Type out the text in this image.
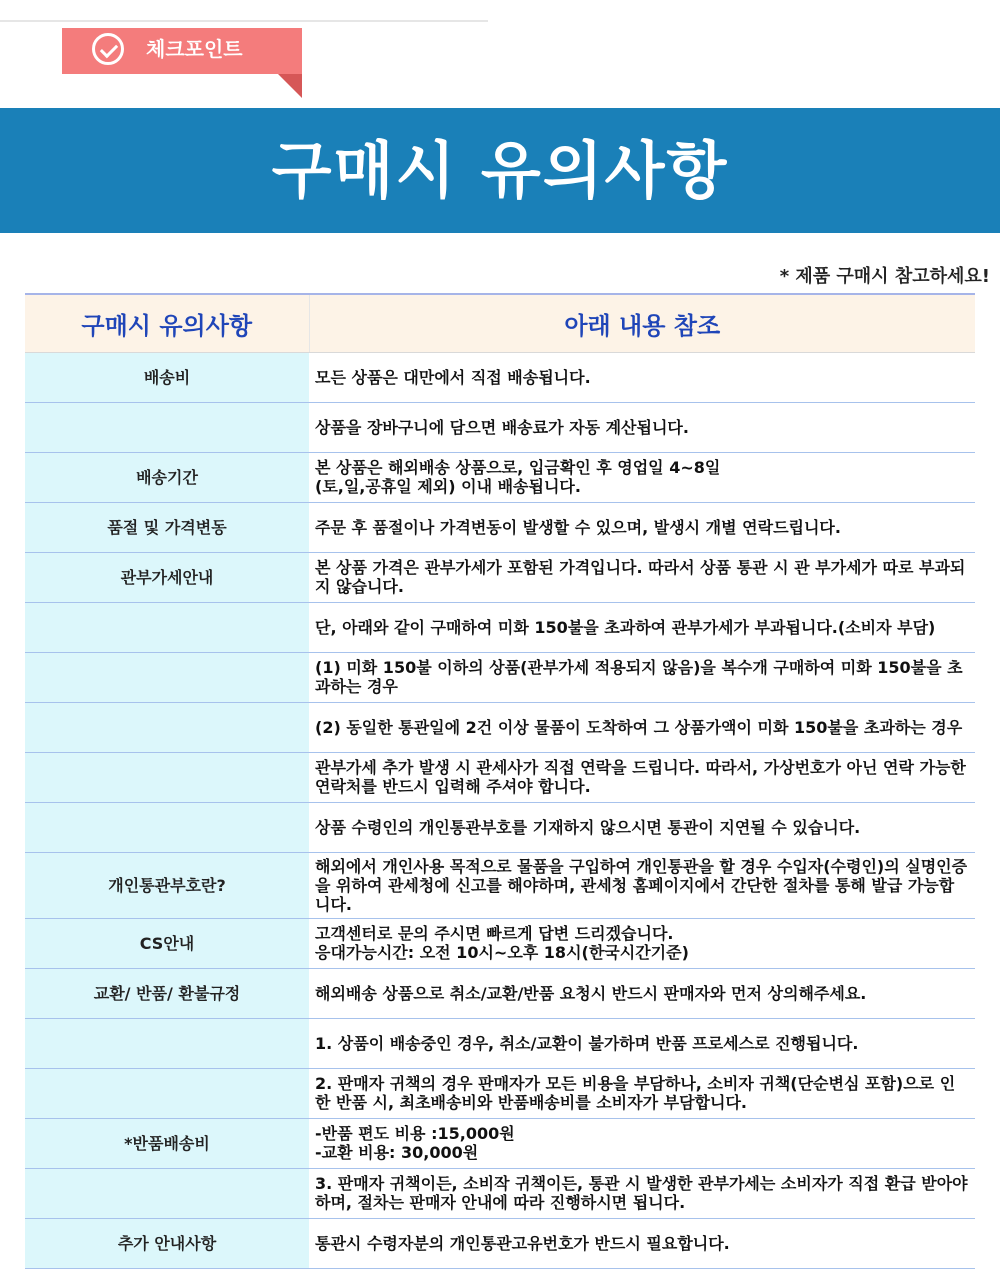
체크포인트
구매시 유의사항
* 제품 구매시 참고하세요!
구매시 유의사항	아래 내용 참조
배송비	모든 상품은 대만에서 직접 배송됩니다.
	상품을 장바구니에 담으면 배송료가 자동 계산됩니다.
배송기간	본 상품은 해외배송 상품으로, 입금확인 후 영업일 4~8일
(토,일,공휴일 제외) 이내 배송됩니다.
품절 및 가격변동	주문 후 품절이나 가격변동이 발생할 수 있으며, 발생시 개별 연락드립니다.
관부가세안내	본 상품 가격은 관부가세가 포함된 가격입니다. 따라서 상품 통관 시 관 부가세가 따로 부과되지 않습니다.
	단, 아래와 같이 구매하여 미화 150불을 초과하여 관부가세가 부과됩니다.(소비자 부담)
	(1) 미화 150불 이하의 상품(관부가세 적용되지 않음)을 복수개 구매하여 미화 150불을 초과하는 경우
	(2) 동일한 통관일에 2건 이상 물품이 도착하여 그 상품가액이 미화 150불을 초과하는 경우
	관부가세 추가 발생 시 관세사가 직접 연락을 드립니다. 따라서, 가상번호가 아닌 연락 가능한 연락처를 반드시 입력해 주셔야 합니다.
	상품 수령인의 개인통관부호를 기재하지 않으시면 통관이 지연될 수 있습니다.
개인통관부호란?	해외에서 개인사용 목적으로 물품을 구입하여 개인통관을 할 경우 수입자(수령인)의 실명인증을 위하여 관세청에 신고를 해야하며, 관세청 홈페이지에서 간단한 절차를 통해 발급 가능합니다.
CS안내	고객센터로 문의 주시면 빠르게 답변 드리겠습니다.
응대가능시간: 오전 10시~오후 18시(한국시간기준)
교환/ 반품/ 환불규정	해외배송 상품으로 취소/교환/반품 요청시 반드시 판매자와 먼저 상의해주세요.
	1. 상품이 배송중인 경우, 취소/교환이 불가하며 반품 프로세스로 진행됩니다.
	2. 판매자 귀책의 경우 판매자가 모든 비용을 부담하나, 소비자 귀책(단순변심 포함)으로 인한 반품 시, 최초배송비와 반품배송비를 소비자가 부담합니다.
*반품배송비	-반품 편도 비용 :15,000원
-교환 비용: 30,000원
	3. 판매자 귀책이든, 소비작 귀책이든, 통관 시 발생한 관부가세는 소비자가 직접 환급 받아야 하며, 절차는 판매자 안내에 따라 진행하시면 됩니다.
추가 안내사항	통관시 수령자분의 개인통관고유번호가 반드시 필요합니다.
